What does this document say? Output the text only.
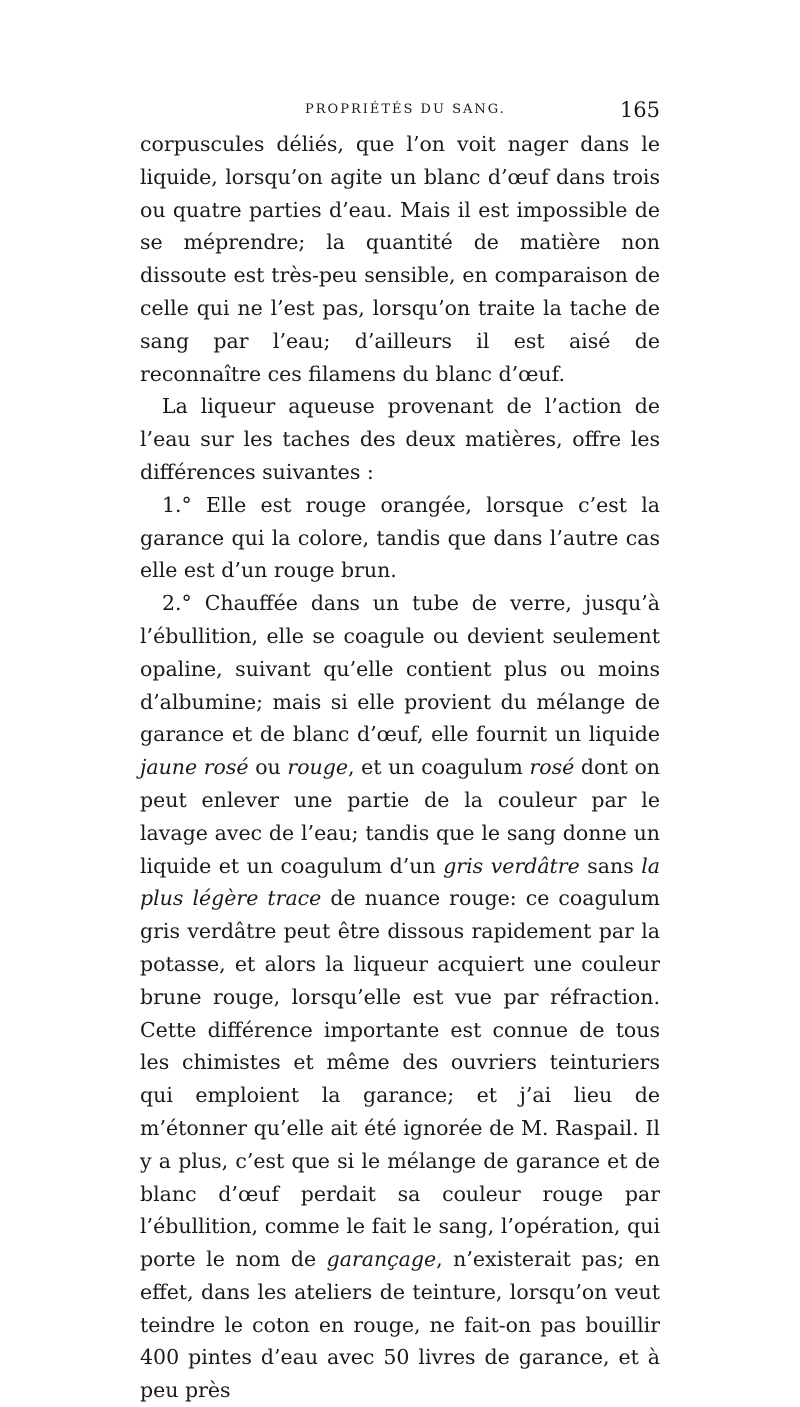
PROPRIÉTÉS DU SANG.	165

corpuscules déliés, que l’on voit nager dans le liquide, lorsqu’on agite un blanc d’œuf dans trois ou quatre parties d’eau. Mais il est impossible de se méprendre; la quantité de matière non dissoute est très-peu sensible, en comparaison de celle qui ne l’est pas, lorsqu’on traite la tache de sang par l’eau; d’ailleurs il est aisé de reconnaître ces filamens du blanc d’œuf.

La liqueur aqueuse provenant de l’action de l’eau sur les taches des deux matières, offre les différences suivantes :

1.° Elle est rouge orangée, lorsque c’est la garance qui la colore, tandis que dans l’autre cas elle est d’un rouge brun.

2.° Chauffée dans un tube de verre, jusqu’à l’ébullition, elle se coagule ou devient seulement opaline, suivant qu’elle contient plus ou moins d’albumine; mais si elle provient du mélange de garance et de blanc d’œuf, elle fournit un liquide jaune rosé ou rouge, et un coagulum rosé dont on peut enlever une partie de la couleur par le lavage avec de l’eau; tandis que le sang donne un liquide et un coagulum d’un gris verdâtre sans la plus légère trace de nuance rouge: ce coagulum gris verdâtre peut être dissous rapidement par la potasse, et alors la liqueur acquiert une couleur brune rouge, lorsqu’elle est vue par réfraction. Cette différence importante est connue de tous les chimistes et même des ouvriers teinturiers qui emploient la garance; et j’ai lieu de m’étonner qu’elle ait été ignorée de M. Raspail. Il y a plus, c’est que si le mélange de garance et de blanc d’œuf perdait sa couleur rouge par l’ébullition, comme le fait le sang, l’opération, qui porte le nom de garançage, n’existerait pas; en effet, dans les ateliers de teinture, lorsqu’on veut teindre le coton en rouge, ne fait-on pas bouillir 400 pintes d’eau avec 50 livres de garance, et à peu près
